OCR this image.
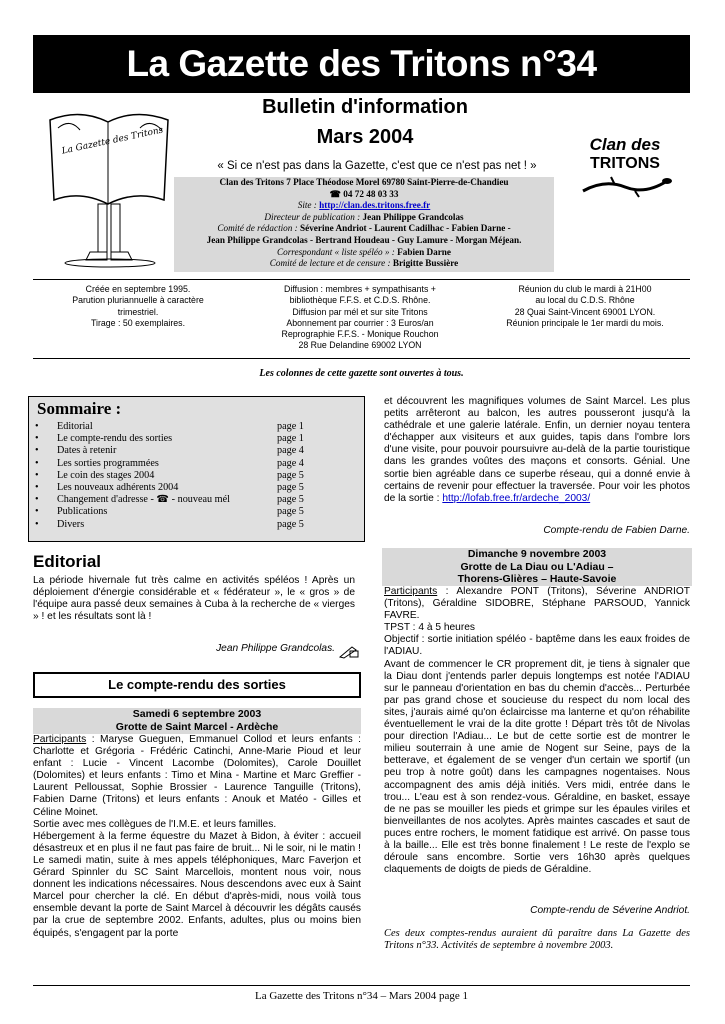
La Gazette des Tritons n°34
La Gazette des Tritons
Bulletin d'information
Mars 2004	Clan des
TRITONS
« Si ce n'est pas dans la Gazette, c'est que ce n'est pas net ! »
Clan des Tritons 7 Place Théodose Morel 69780 Saint-Pierre-de-Chandieu
☎ 04 72 48 03 33
Site : http://clan.des.tritons.free.fr
Directeur de publication : Jean Philippe Grandcolas
Comité de rédaction : Séverine Andriot - Laurent Cadilhac - Fabien Darne -
Jean Philippe Grandcolas - Bertrand Houdeau - Guy Lamure - Morgan Méjean.
Correspondant « liste spéléo » : Fabien Darne
Comité de lecture et de censure : Brigitte Bussière
Créée en septembre 1995.
Parution pluriannuelle à caractère
trimestriel.
Tirage : 50 exemplaires.
Diffusion : membres + sympathisants +
bibliothèque F.F.S. et C.D.S. Rhône.
Diffusion par mél et sur site Tritons
Abonnement par courrier : 3 Euros/an
Reprographie F.F.S. - Monique Rouchon
28 Rue Delandine 69002 LYON
Réunion du club le mardi à 21H00
au local du C.D.S. Rhône
28 Quai Saint-Vincent 69001 LYON.
Réunion principale le 1er mardi du mois.
Les colonnes de cette gazette sont ouvertes à tous.
Sommaire :
• Editorial	page 1
• Le compte-rendu des sorties	page 1
• Dates à retenir	page 4
• Les sorties programmées	page 4
• Le coin des stages 2004	page 5
• Les nouveaux adhérents 2004	page 5
• Changement d'adresse - ☎ - nouveau mél	page 5
• Publications	page 5
• Divers	page 5
Editorial
La période hivernale fut très calme en activités spéléos ! Après un déploiement d'énergie considérable et « fédérateur », le « gros » de l'équipe aura passé deux semaines à Cuba à la recherche de « vierges » ! et les résultats sont là !
Jean Philippe Grandcolas.
Le compte-rendu des sorties
Samedi 6 septembre 2003
Grotte de Saint Marcel - Ardèche
Participants : Maryse Gueguen, Emmanuel Collod et leurs enfants : Charlotte et Grégoria - Frédéric Catinchi, Anne-Marie Pioud et leur enfant : Lucie - Vincent Lacombe (Dolomites), Carole Douillet (Dolomites) et leurs enfants : Timo et Mina - Martine et Marc Greffier - Laurent Pelloussat, Sophie Brossier - Laurence Tanguille (Tritons), Fabien Darne (Tritons) et leurs enfants : Anouk et Matéo - Gilles et Céline Moinet.
Sortie avec mes collègues de l'I.M.E. et leurs familles.
Hébergement à la ferme équestre du Mazet à Bidon, à éviter : accueil désastreux et en plus il ne faut pas faire de bruit... Ni le soir, ni le matin ! Le samedi matin, suite à mes appels téléphoniques, Marc Faverjon et Gérard Spinnler du SC Saint Marcellois, montent nous voir, nous donnent les indications nécessaires. Nous descendons avec eux à Saint Marcel pour chercher la clé. En début d'après-midi, nous voilà tous ensemble devant la porte de Saint Marcel à découvrir les dégâts causés par la crue de septembre 2002. Enfants, adultes, plus ou moins bien équipés, s'engagent par la porte
et découvrent les magnifiques volumes de Saint Marcel. Les plus petits arrêteront au balcon, les autres pousseront jusqu'à la cathédrale et une galerie latérale. Enfin, un dernier noyau tentera d'échapper aux visiteurs et aux guides, tapis dans l'ombre lors d'une visite, pour pouvoir poursuivre au-delà de la partie touristique dans les grandes voûtes des maçons et consorts. Génial. Une sortie bien agréable dans ce superbe réseau, qui a donné envie à certains de revenir pour effectuer la traversée. Pour voir les photos de la sortie : http://lofab.free.fr/ardeche_2003/
Compte-rendu de Fabien Darne.
Dimanche 9 novembre 2003
Grotte de La Diau ou L'Adiau –
Thorens-Glières – Haute-Savoie
Participants : Alexandre PONT (Tritons), Séverine ANDRIOT (Tritons), Géraldine SIDOBRE, Stéphane PARSOUD, Yannick FAVRE.
TPST : 4 à 5 heures
Objectif : sortie initiation spéléo - baptême dans les eaux froides de l'ADIAU.
Avant de commencer le CR proprement dit, je tiens à signaler que la Diau dont j'entends parler depuis longtemps est notée l'ADIAU sur le panneau d'orientation en bas du chemin d'accès... Perturbée par pas grand chose et soucieuse du respect du nom local des sites, j'aurais aimé qu'on éclaircisse ma lanterne et qu'on réhabilite éventuellement le vrai de la dite grotte ! Départ très tôt de Nivolas pour direction l'Adiau... Le but de cette sortie est de montrer le milieu souterrain à une amie de Nogent sur Seine, pays de la betterave, et également de se venger d'un certain we sportif (un peu trop à notre goût) dans les campagnes nogentaises. Nous accompagnent des amis déjà initiés. Vers midi, entrée dans le trou... L'eau est à son rendez-vous. Géraldine, en basket, essaye de ne pas se mouiller les pieds et grimpe sur les épaules viriles et bienveillantes de nos acolytes. Après maintes cascades et saut de puces entre rochers, le moment fatidique est arrivé. On passe tous à la baille... Elle est très bonne finalement ! Le reste de l'explo se déroule sans encombre. Sortie vers 16h30 après quelques claquements de doigts de pieds de Géraldine.
Compte-rendu de Séverine Andriot.
Ces deux comptes-rendus auraient dû paraître dans La Gazette des Tritons n°33. Activités de septembre à novembre 2003.
La Gazette des Tritons n°34 – Mars 2004 page 1
